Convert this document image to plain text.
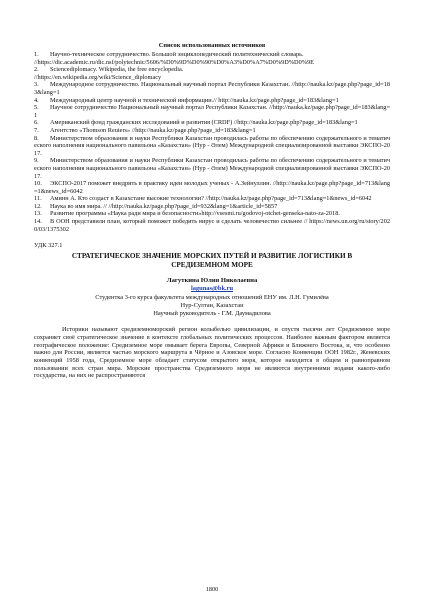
Список использованных источников
1. Научно-техническое сотрудничество. Большой энциклопедический политехнический словарь.
//https://dic.academic.ru/dic.nsf/polytechnic/5606/%D0%9D%D0%90%D0%A3%D0%A7%D0%9D%D0%9E
2. Sciencediplomacy. Wikipedia, the free encyclopedia.
//https://en.wikipedia.org/wiki/Science_diplomacy
3. Международное сотрудничество. Национальный научный портал Республики Казахстан. //http://nauka.kz/page.php?page_id=183&lang=1
4. Международный центр научной и технической информации.// http://nauka.kz/page.php?page_id=183&lang=1
5. Научное сотрудничество Национальный научный портал Республики Казахстан. //http://nauka.kz/page.php?page_id=183&lang=1
6. Американский фонд гражданских исследований и развития (CRDF) //http://nauka.kz/page.php?page_id=183&lang=1
7. Агентство «Thomson Reuters» //http://nauka.kz/page.php?page_id=183&lang=1
8. Министерством образования и науки Республики Казахстан проводилась работы по обеспечению содержательного и тематического наполнения национального павильона «Казахстан» (Нур - Әлем) Международной специализированной выставки ЭКСПО-2017.
9. Министерством образования и науки Республики Казахстан проводилась работы по обеспечению содержательного и тематического наполнения национального павильона «Казахстан» (Нур - Әлем) Международной специализированной выставки ЭКСПО-2017.
10. ЭКСПО-2017 поможет внедрить в практику идеи молодых ученых - А.Зейнуллин. //http://nauka.kz/page.php?page_id=713&lang=1&news_id=6042
11. Аминн А. Кто создаст в Казахстане высокие технологии? //http://nauka.kz/page.php?page_id=713&lang=1&news_id=6042
12. Наука во имя мира. // //http://nauka.kz/page.php?page_id=932&lang=1&article_id=5857
13. Развитие программы «Наука ради мира и безопасности»http://vsesmi.ru/godovoj-otchet-genseka-nato-za-2018.
14. В ООН представили план, который поможет победить вирус и сделать человечество сильнее // https://news.un.org/ru/story/2020/03/1375302
УДК 327.1
СТРАТЕГИЧЕСКОЕ ЗНАЧЕНИЕ МОРСКИХ ПУТЕЙ И РАЗВИТИЕ ЛОГИСТИКИ В
СРЕДИЗЕМНОМ МОРЕ
Лагуткина Юлия Николаевна
lagunas@bk.ru
Студентка 3-го курса факультета международных отношений ЕНУ им. Л.Н. Гумилёва
Нур-Султан, Казахстан
Научный руководитель - Г.М. Даумадилова
Историки называют средиземноморский регион колыбелью цивилизации, и спустя тысячи лет Средиземное море сохраняет своё стратегическое значение в контексте глобальных политических процессов. Наиболее важным фактором является географическое положение: Средиземное море омывает берега Европы, Северной Африки и Ближнего Востока, и, что особенно важно для России, является частью морского маршрута в Чёрное и Азовское море. Согласно Конвенции ООН 1982г., Женевских конвенций 1958 года, Средиземное море обладает статусом открытого моря, которое находится в общем и равноправном пользовании всех стран мира. Морские пространства Средиземного моря не являются внутренними водами какого-либо государства, на них не распространяются
1800
